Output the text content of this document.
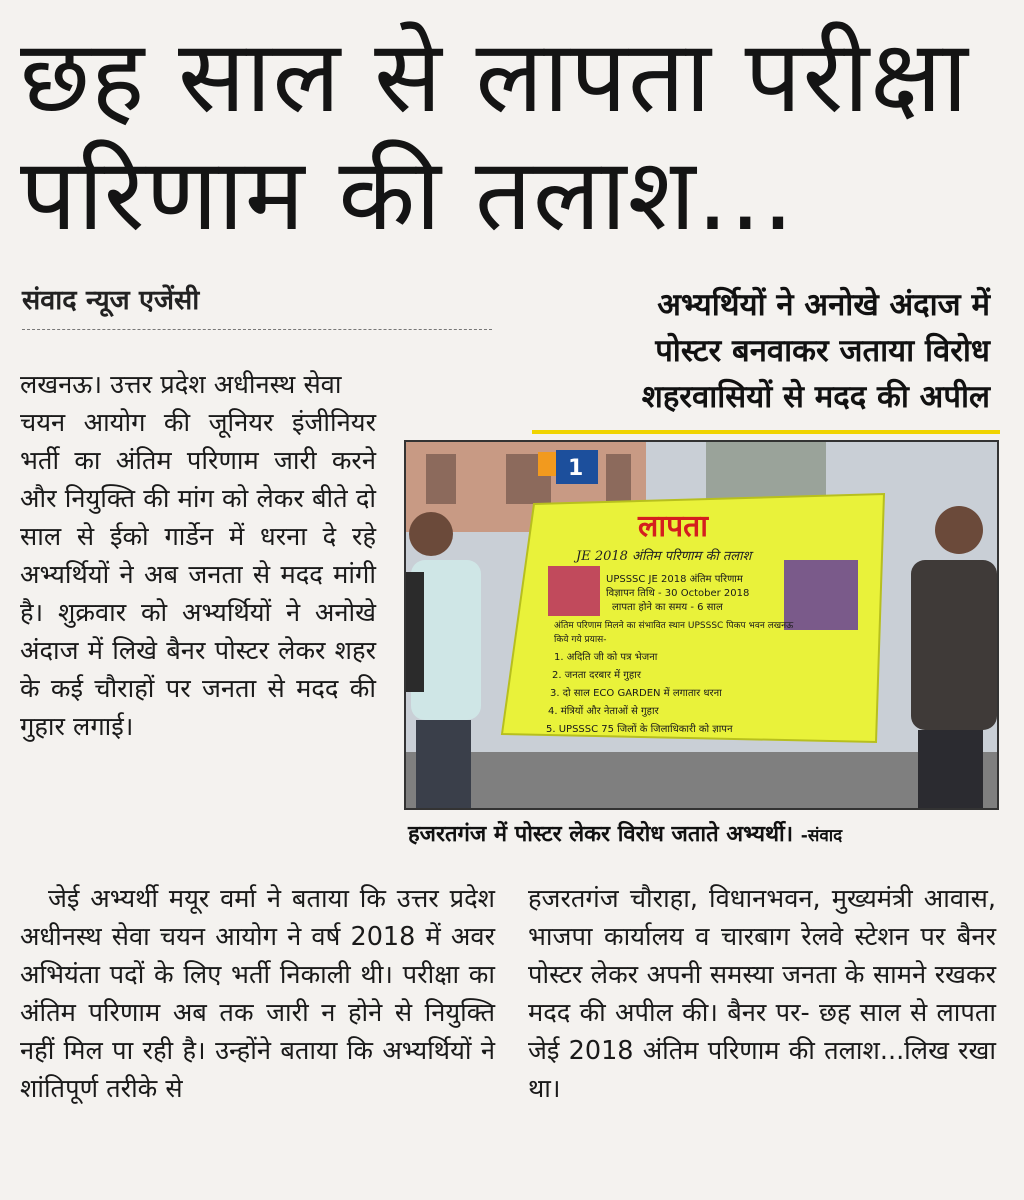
छह साल से लापता परीक्षा परिणाम की तलाश...
संवाद न्यूज एजेंसी	अभ्यर्थियों ने अनोखे अंदाज में
पोस्टर बनवाकर जताया विरोध
शहरवासियों से मदद की अपील

लखनऊ। उत्तर प्रदेश अधीनस्थ सेवा

चयन आयोग की जूनियर इंजीनियर भर्ती का अंतिम परिणाम जारी करने और नियुक्ति की मांग को लेकर बीते दो साल से ईको गार्डेन में धरना दे रहे अभ्यर्थियों ने अब जनता से मदद मांगी है। शुक्रवार को अभ्यर्थियों ने अनोखे अंदाज में लिखे बैनर पोस्टर लेकर शहर के कई चौराहों पर जनता से मदद की गुहार लगाई।

1
लापता
JE 2018 अंतिम परिणाम की तलाश
UPSSSC JE 2018 अंतिम परिणाम
विज्ञापन तिथि - 30 October 2018
लापता होने का समय - 6 साल
अंतिम परिणाम मिलने का संभावित स्थान UPSSSC पिकप भवन लखनऊ
किये गये प्रयास-
1. अदिति जी को पत्र भेजना
2. जनता दरबार में गुहार
3. दो साल ECO GARDEN में लगातार धरना
4. मंत्रियों और नेताओं से गुहार
5. UPSSSC 75 जिलों के जिलाधिकारी को ज्ञापन
हजरतगंज में पोस्टर लेकर विरोध जताते अभ्यर्थी। -संवाद

जेई अभ्यर्थी मयूर वर्मा ने बताया कि उत्तर प्रदेश अधीनस्थ सेवा चयन आयोग ने वर्ष 2018 में अवर अभियंता पदों के लिए भर्ती निकाली थी। परीक्षा का अंतिम परिणाम अब तक जारी न होने से नियुक्ति नहीं मिल पा रही है। उन्होंने बताया कि अभ्यर्थियों ने शांतिपूर्ण तरीके से

हजरतगंज चौराहा, विधानभवन, मुख्यमंत्री आवास, भाजपा कार्यालय व चारबाग रेलवे स्टेशन पर बैनर पोस्टर लेकर अपनी समस्या जनता के सामने रखकर मदद की अपील की। बैनर पर- छह साल से लापता जेई 2018 अंतिम परिणाम की तलाश...लिख रखा था।
